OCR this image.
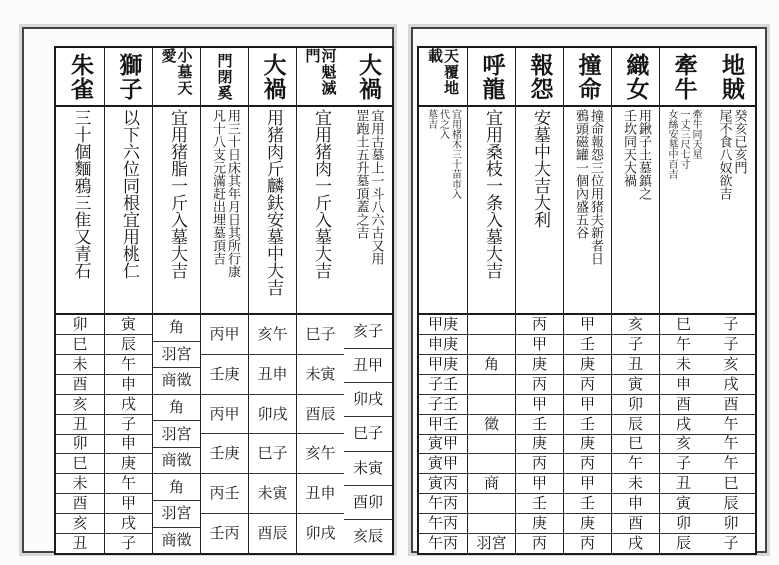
大禍
宜用古墓上一斗八六古又用
罡跑土五升墓頂蓋之吉
亥子
丑甲
卯戌
巳子
未寅
酉卯
亥辰
河魁滅門
宜用猪肉一斤入墓大吉
巳子
未寅
酉辰
亥午
丑申
卯戌
大禍
用猪肉斤麟鈇安墓中大吉
亥午
丑申
卯戌
巳子
未寅
酉辰
門閉奚
用三十日床其年月日其所行康
凡十八支元滿赶出埋墓頂吉
丙甲
壬庚
丙甲
壬庚
丙壬
壬丙
小墓天愛
宜用猪脂一斤入墓大吉
角
羽宮
商徵
角
羽宮
商徵
角
羽宮
商徵
獅子
以下六位同根宜用桃仁
寅
辰
午
申
戌
子
申
庚
午
甲
戌
子
朱雀
三十個麵鴉三隹又青石
卯
巳
未
酉
亥
丑
卯
巳
未
酉
亥
丑
地賊
癸亥已亥門
尾不食八奴欲吉
子
子
亥
戌
酉
午
午
午
巳
辰
卯
子
牽牛
牽牛同天星
一丈三尺七寸
女絲安墓中百吉
巳
午
未
申
酉
戌
亥
子
丑
寅
卯
辰
織女
用鍬子土墓鎮之
壬坎同天大禍
亥
子
丑
寅
卯
辰
巳
午
未
申
酉
戌
撞命
撞命報怨三位用猪夫新者日
鴉頭磁罐一個內盛五谷
甲
壬
庚
丙
甲
壬
庚
丙
甲
壬
庚
丙
報怨
安墓中大吉大利
丙
甲
庚
丙
甲
壬
庚
丙
甲
壬
庚
丙
呼龍
宜用桑枝一条入墓大吉
角
徵
商
羽宮
天覆地載
宜用楮木三十苗市入
代之入
墓吉
甲庚
申庚
甲庚
子壬
子壬
甲壬
寅甲
寅甲
寅丙
午丙
午丙
午丙
